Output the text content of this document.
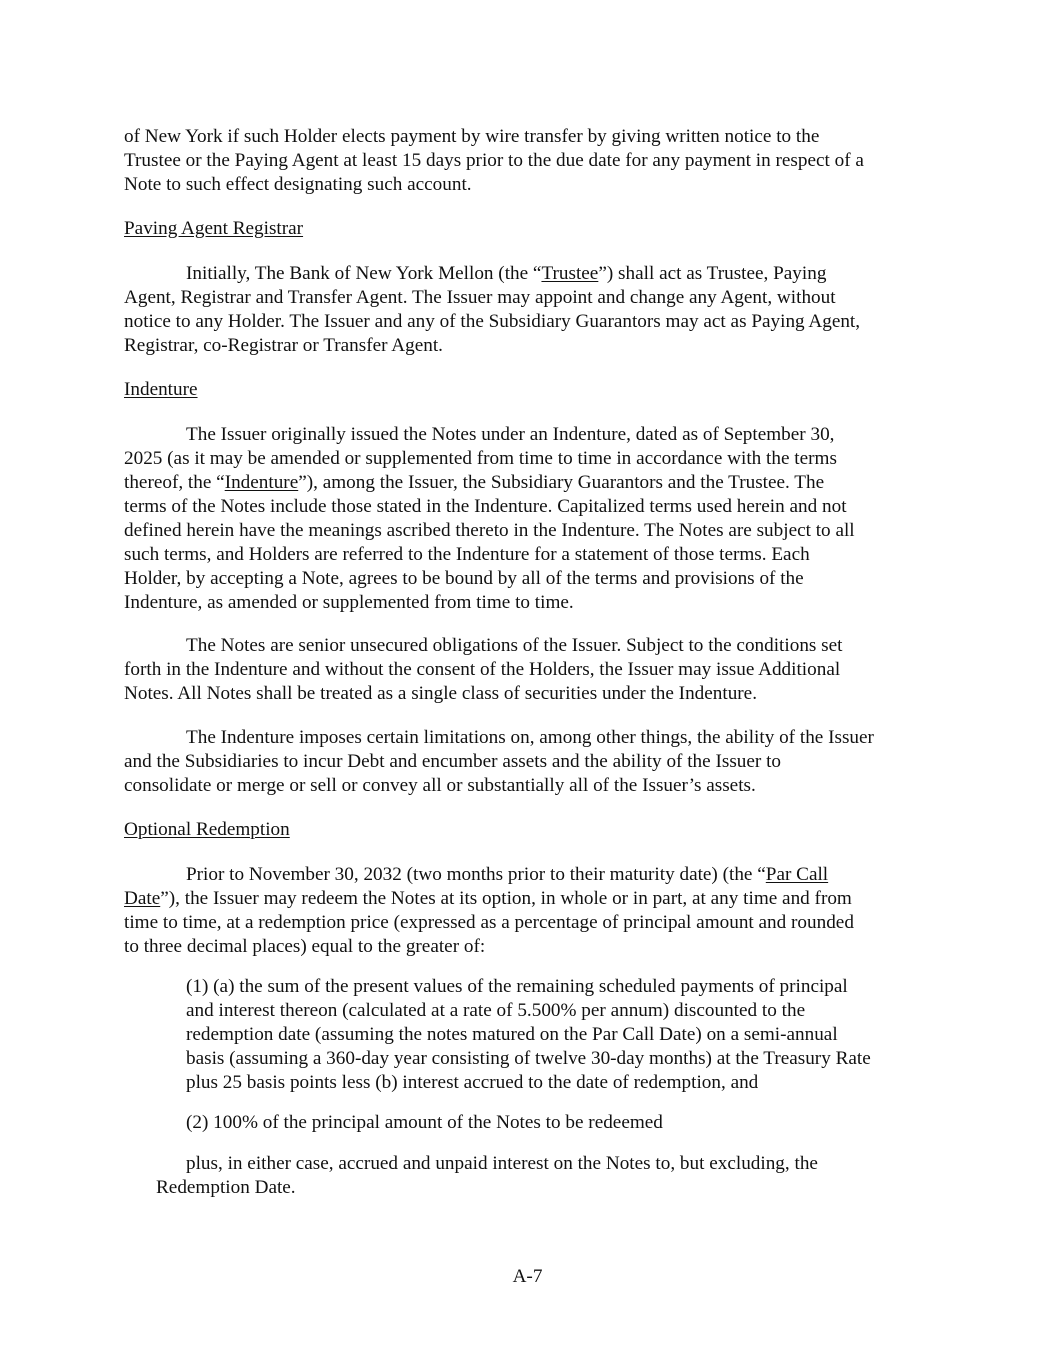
of New York if such Holder elects payment by wire transfer by giving written notice to the
Trustee or the Paying Agent at least 15 days prior to the due date for any payment in respect of a
Note to such effect designating such account.
Paving Agent Registrar
Initially, The Bank of New York Mellon (the “Trustee”) shall act as Trustee, Paying
Agent, Registrar and Transfer Agent. The Issuer may appoint and change any Agent, without
notice to any Holder. The Issuer and any of the Subsidiary Guarantors may act as Paying Agent,
Registrar, co-Registrar or Transfer Agent.
Indenture
The Issuer originally issued the Notes under an Indenture, dated as of September 30,
2025 (as it may be amended or supplemented from time to time in accordance with the terms
thereof, the “Indenture”), among the Issuer, the Subsidiary Guarantors and the Trustee. The
terms of the Notes include those stated in the Indenture. Capitalized terms used herein and not
defined herein have the meanings ascribed thereto in the Indenture. The Notes are subject to all
such terms, and Holders are referred to the Indenture for a statement of those terms. Each
Holder, by accepting a Note, agrees to be bound by all of the terms and provisions of the
Indenture, as amended or supplemented from time to time.
The Notes are senior unsecured obligations of the Issuer. Subject to the conditions set
forth in the Indenture and without the consent of the Holders, the Issuer may issue Additional
Notes. All Notes shall be treated as a single class of securities under the Indenture.
The Indenture imposes certain limitations on, among other things, the ability of the Issuer
and the Subsidiaries to incur Debt and encumber assets and the ability of the Issuer to
consolidate or merge or sell or convey all or substantially all of the Issuer’s assets.
Optional Redemption
Prior to November 30, 2032 (two months prior to their maturity date) (the “Par Call
Date”), the Issuer may redeem the Notes at its option, in whole or in part, at any time and from
time to time, at a redemption price (expressed as a percentage of principal amount and rounded
to three decimal places) equal to the greater of:
(1) (a) the sum of the present values of the remaining scheduled payments of principal
and interest thereon (calculated at a rate of 5.500% per annum) discounted to the
redemption date (assuming the notes matured on the Par Call Date) on a semi-annual
basis (assuming a 360-day year consisting of twelve 30-day months) at the Treasury Rate
plus 25 basis points less (b) interest accrued to the date of redemption, and
(2) 100% of the principal amount of the Notes to be redeemed
plus, in either case, accrued and unpaid interest on the Notes to, but excluding, the
Redemption Date.
A-7
